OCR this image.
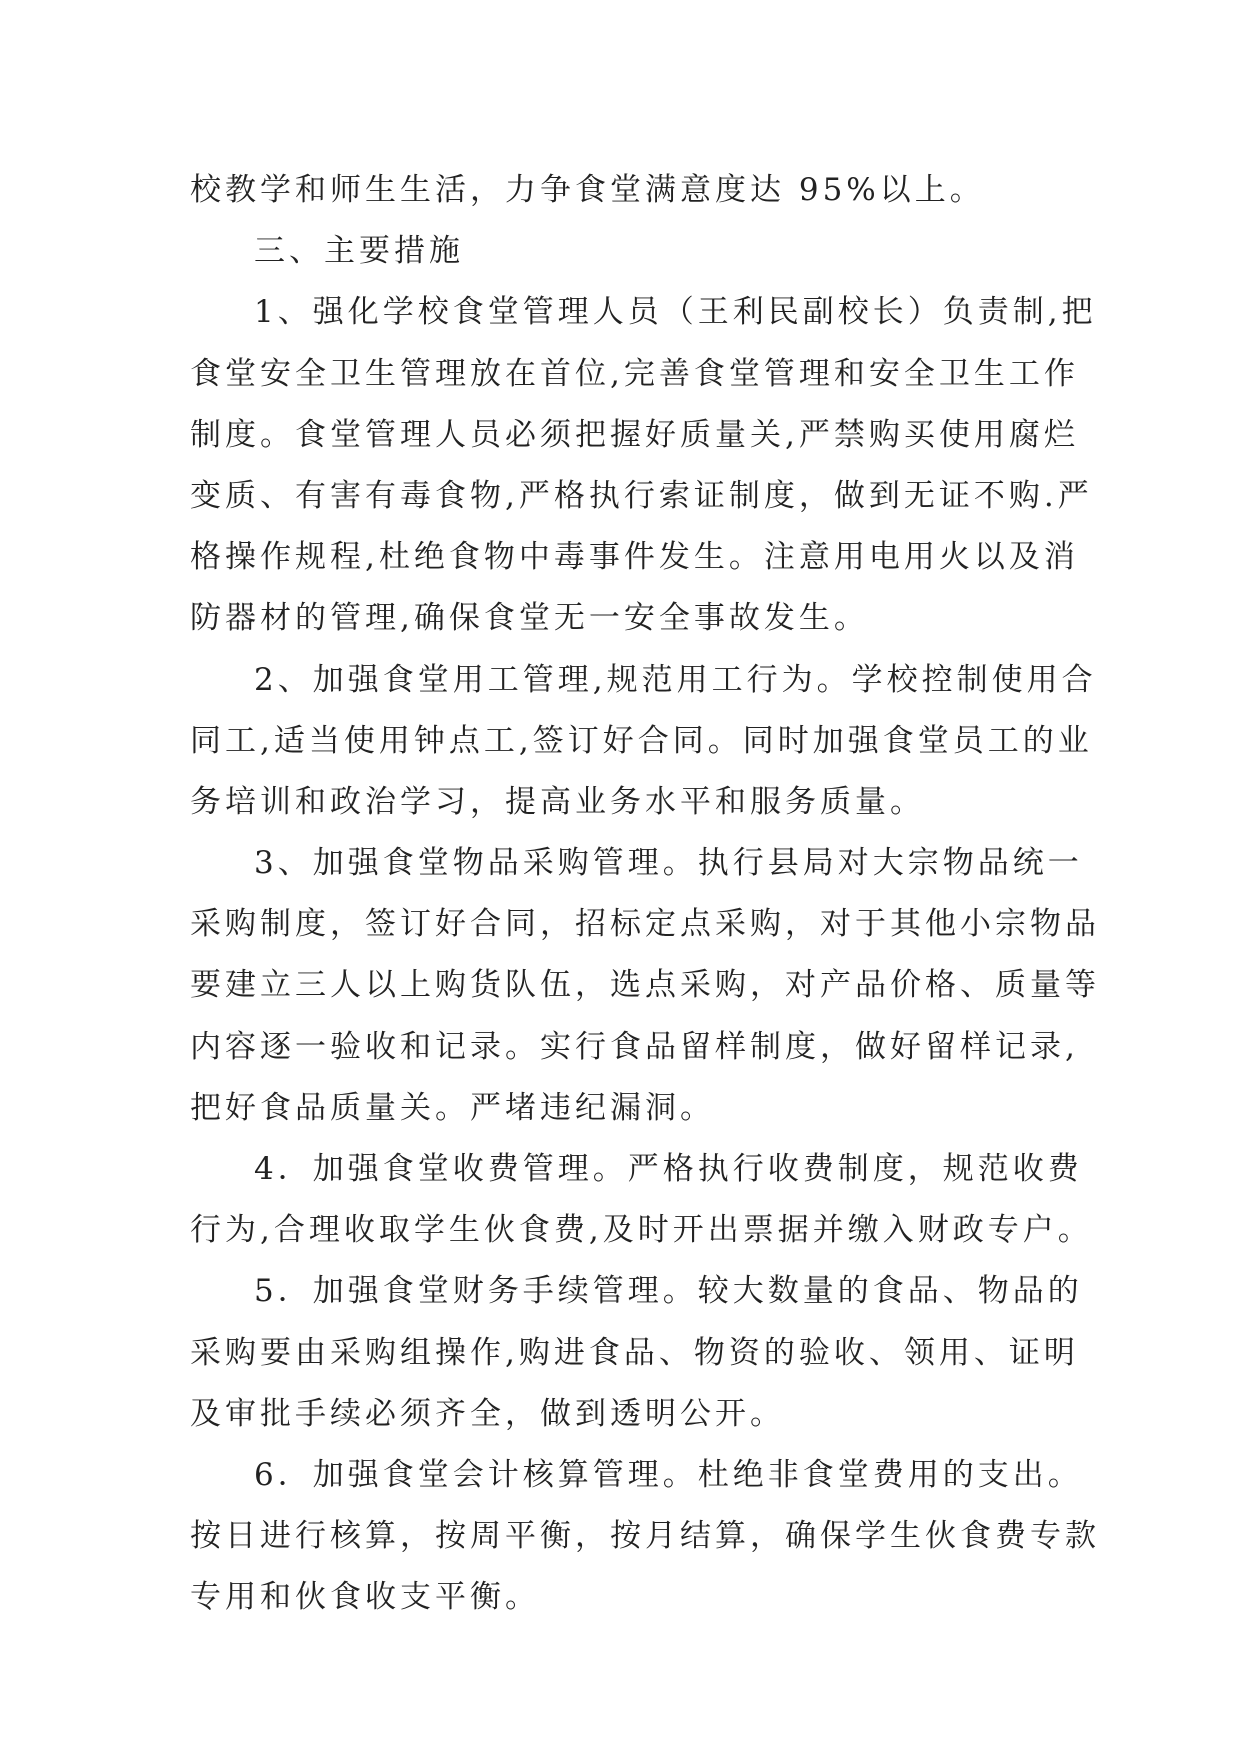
校教学和师生生活，力争食堂满意度达 95%以上。
三、主要措施
1、强化学校食堂管理人员（王利民副校长）负责制,把
食堂安全卫生管理放在首位,完善食堂管理和安全卫生工作
制度。食堂管理人员必须把握好质量关,严禁购买使用腐烂
变质、有害有毒食物,严格执行索证制度，做到无证不购.严
格操作规程,杜绝食物中毒事件发生。注意用电用火以及消
防器材的管理,确保食堂无一安全事故发生。
2、加强食堂用工管理,规范用工行为。学校控制使用合
同工,适当使用钟点工,签订好合同。同时加强食堂员工的业
务培训和政治学习，提高业务水平和服务质量。
3、加强食堂物品采购管理。执行县局对大宗物品统一
采购制度，签订好合同，招标定点采购，对于其他小宗物品
要建立三人以上购货队伍，选点采购，对产品价格、质量等
内容逐一验收和记录。实行食品留样制度，做好留样记录,
把好食品质量关。严堵违纪漏洞。
4．加强食堂收费管理。严格执行收费制度，规范收费
行为,合理收取学生伙食费,及时开出票据并缴入财政专户。
5．加强食堂财务手续管理。较大数量的食品、物品的
采购要由采购组操作,购进食品、物资的验收、领用、证明
及审批手续必须齐全，做到透明公开。
6．加强食堂会计核算管理。杜绝非食堂费用的支出。
按日进行核算，按周平衡，按月结算，确保学生伙食费专款
专用和伙食收支平衡。
